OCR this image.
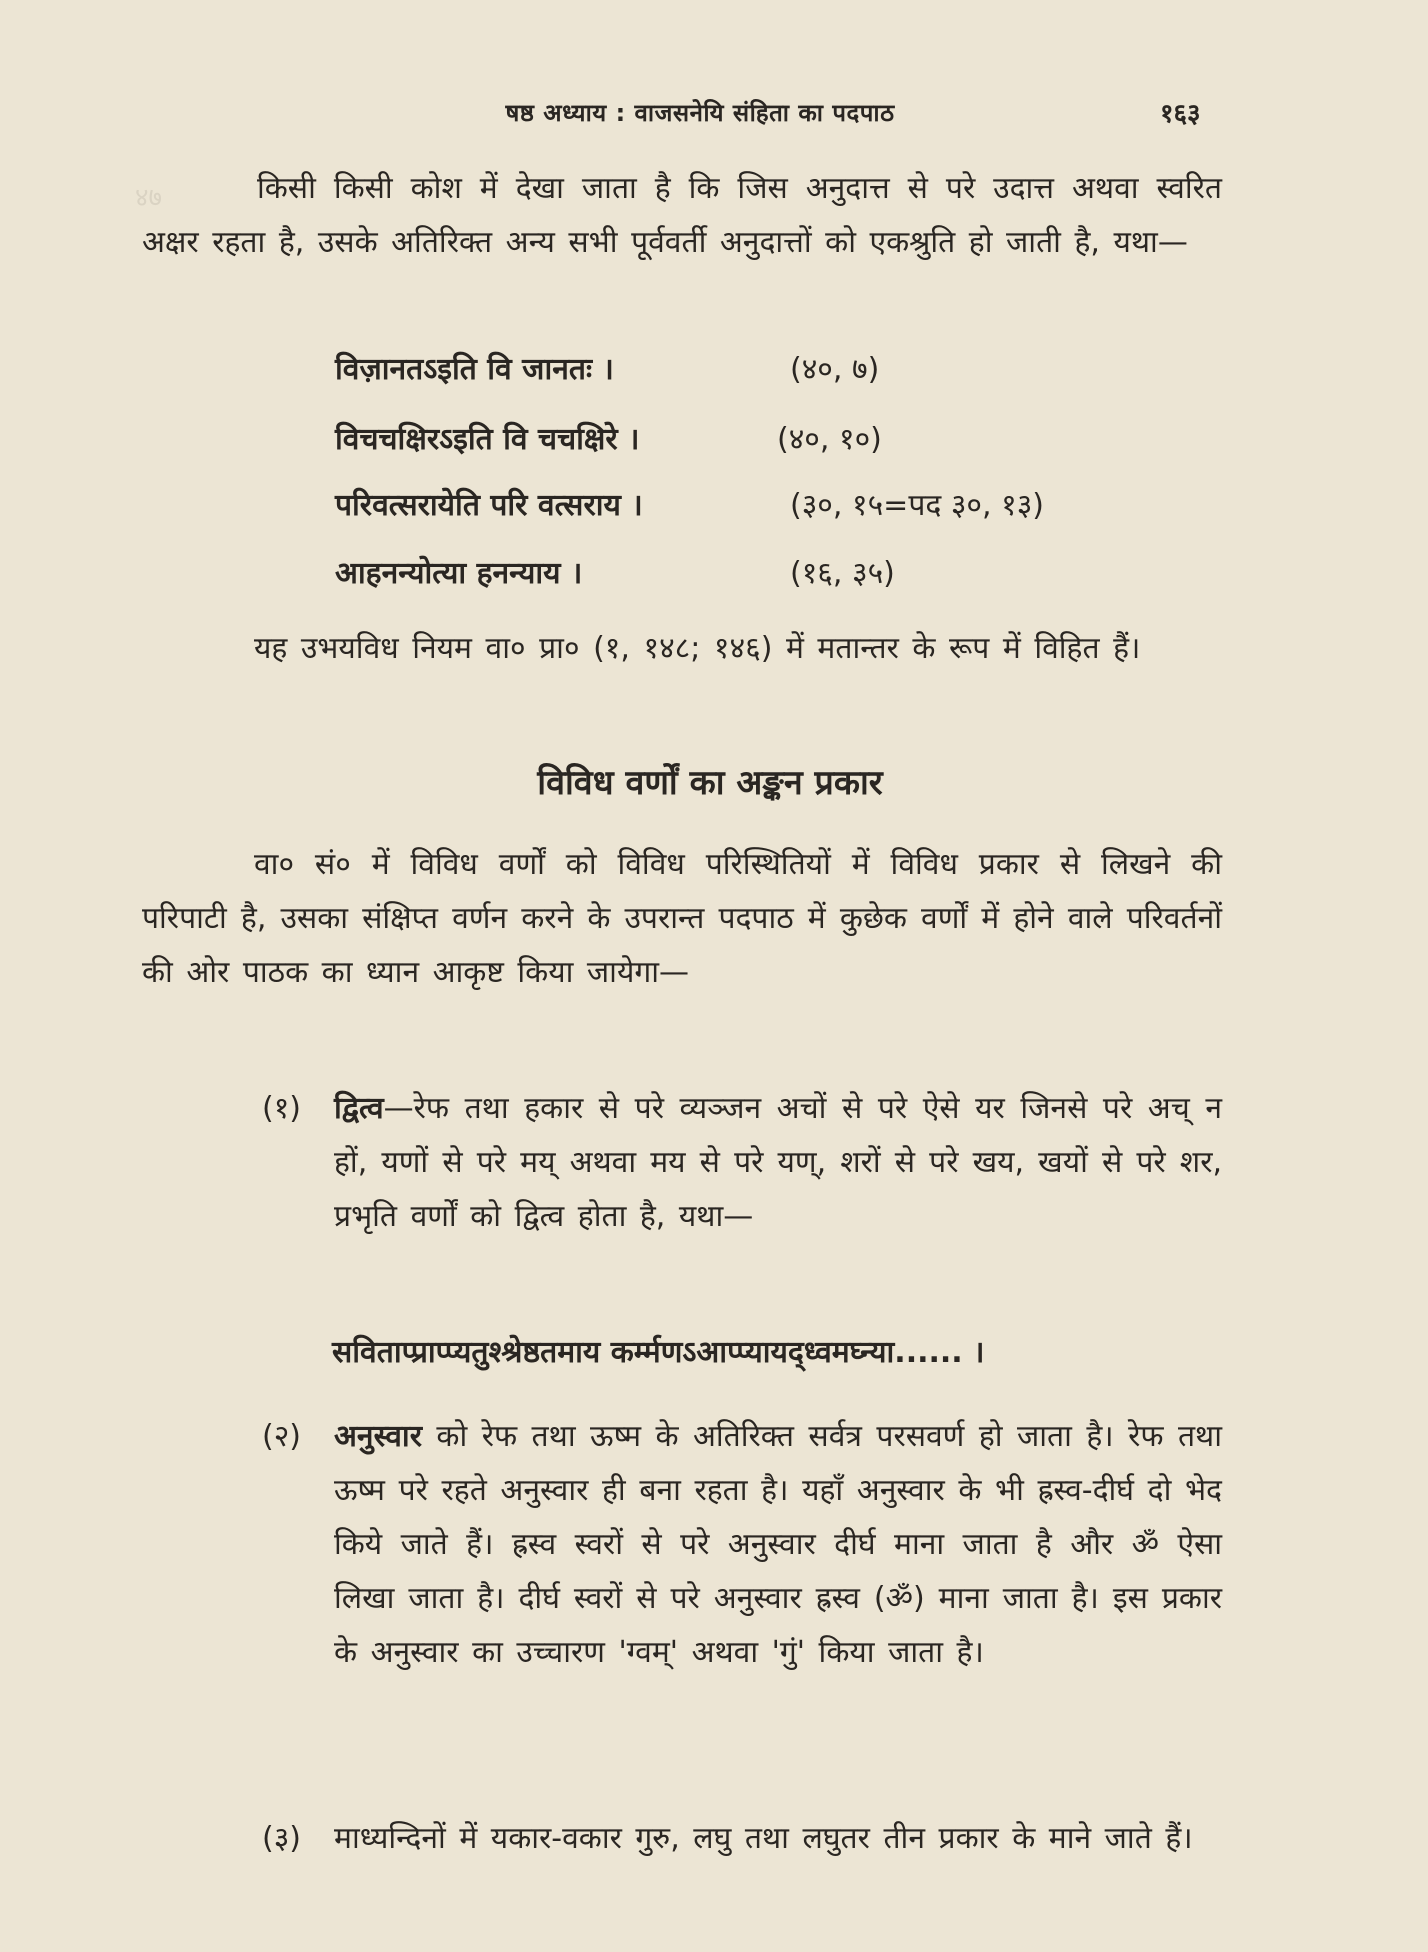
४७
षष्ठ अध्याय : वाजसनेयि संहिता का पदपाठ	१६३
किसी किसी कोश में देखा जाता है कि जिस अनुदात्त से परे उदात्त अथवा स्वरित अक्षर रहता है, उसके अतिरिक्त अन्य सभी पूर्ववर्ती अनुदात्तों को एकश्रुति हो जाती है, यथा—
विज़ानतऽइति वि जानतः ।	(४०, ७)
विचचक्षिरऽइति वि चचक्षिरे ।	(४०, १०)
परिवत्सरायेति परि वत्सराय ।	(३०, १५=पद ३०, १३)
आहनन्याेत्या हनन्याय ।	(१६, ३५)
यह उभयविध नियम वा० प्रा० (१, १४८; १४६) में मतान्तर के रूप में विहित हैं।
विविध वर्णों का अङ्कन प्रकार
वा० सं० में विविध वर्णों को विविध परिस्थितियों में विविध प्रकार से लिखने की परिपाटी है, उसका संक्षिप्त वर्णन करने के उपरान्त पदपाठ में कुछेक वर्णों में होने वाले परिवर्तनों की ओर पाठक का ध्यान आकृष्ट किया जायेगा—
(१) द्वित्व—रेफ तथा हकार से परे व्यञ्जन अचों से परे ऐसे यर जिनसे परे अच् न हों, यणों से परे मय् अथवा मय से परे यण्, शरों से परे खय, खयों से परे शर, प्रभृति वर्णों को द्वित्व होता है, यथा—
सविताप्प्राप्प्यतुश्श्रेष्ठतमाय कर्म्मणऽआप्प्यायद्ध्वमघ्न्या...... ।
(२) अनुस्वार को रेफ तथा ऊष्म के अतिरिक्त सर्वत्र परसवर्ण हो जाता है। रेफ तथा ऊष्म परे रहते अनुस्वार ही बना रहता है। यहाँ अनुस्वार के भी ह्रस्व-दीर्घ दो भेद किये जाते हैं। ह्रस्व स्वरों से परे अनुस्वार दीर्घ माना जाता है और ॐ ऐसा लिखा जाता है। दीर्घ स्वरों से परे अनुस्वार ह्रस्व (ॐ) माना जाता है। इस प्रकार के अनुस्वार का उच्चारण 'ग्वम्' अथवा 'गुं' किया जाता है।
(३) माध्यन्दिनों में यकार-वकार गुरु, लघु तथा लघुतर तीन प्रकार के माने जाते हैं।
